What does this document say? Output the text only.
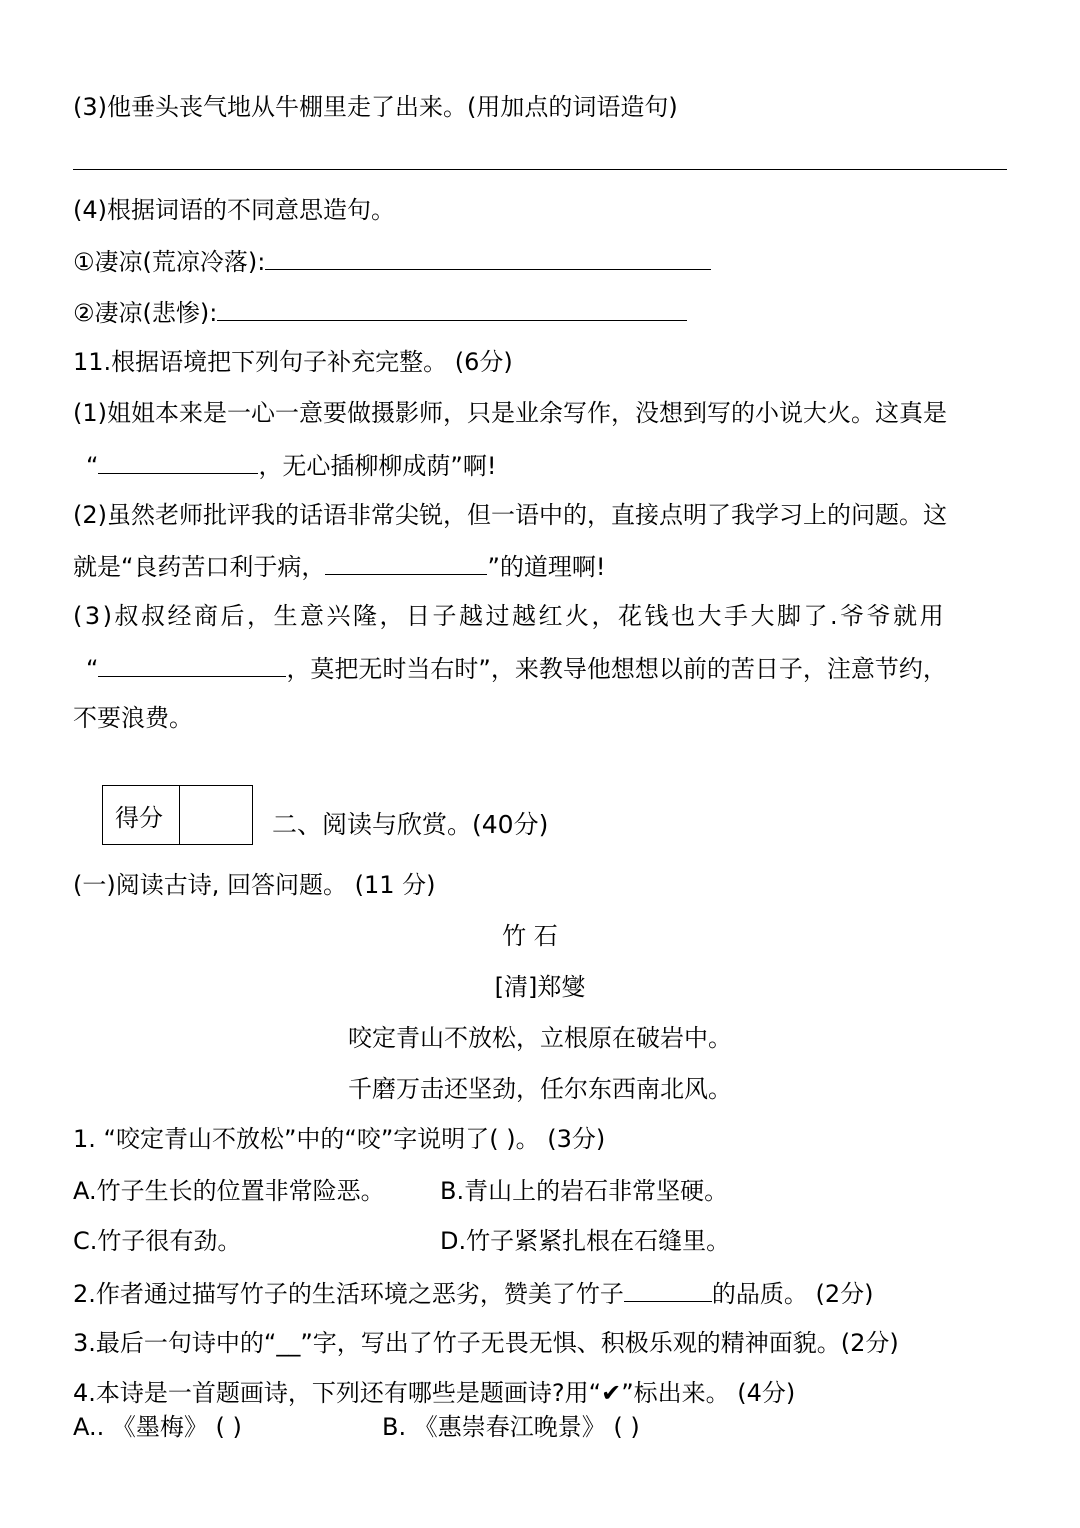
(3)他垂头丧气地从牛棚里走了出来。(用加点的词语造句)
(4)根据词语的不同意思造句。
①凄凉(荒凉冷落):
②凄凉(悲惨):
11.根据语境把下列句子补充完整。 (6分)
(1)姐姐本来是一心一意要做摄影师，只是业余写作，没想到写的小说大火。这真是
“	，无心插柳柳成荫”啊!
(2)虽然老师批评我的话语非常尖锐，但一语中的，直接点明了我学习上的问题。这
就是“良药苦口利于病，	”的道理啊!
(3)叔叔经商后，生意兴隆，日子越过越红火，花钱也大手大脚了.爷爷就用
“	，莫把无时当右时”，来教导他想想以前的苦日子，注意节约，
不要浪费。
得分	二、阅读与欣赏。(40分)
(一)阅读古诗, 回答问题。 (11 分)
竹 石
[清]郑燮
咬定青山不放松，立根原在破岩中。
千磨万击还坚劲，任尔东西南北风。
1. “咬定青山不放松”中的“咬”字说明了( )。 (3分)
A.竹子生长的位置非常险恶。 B.青山上的岩石非常坚硬。
C.竹子很有劲。	D.竹子紧紧扎根在石缝里。
2.作者通过描写竹子的生活环境之恶劣，赞美了竹子	的品质。 (2分)
3.最后一句诗中的“__”字，写出了竹子无畏无惧、积极乐观的精神面貌。(2分)
4.本诗是一首题画诗，下列还有哪些是题画诗?用“✔”标出来。 (4分)
A.. 《墨梅》 ( )	B. 《惠崇春江晚景》 ( )
